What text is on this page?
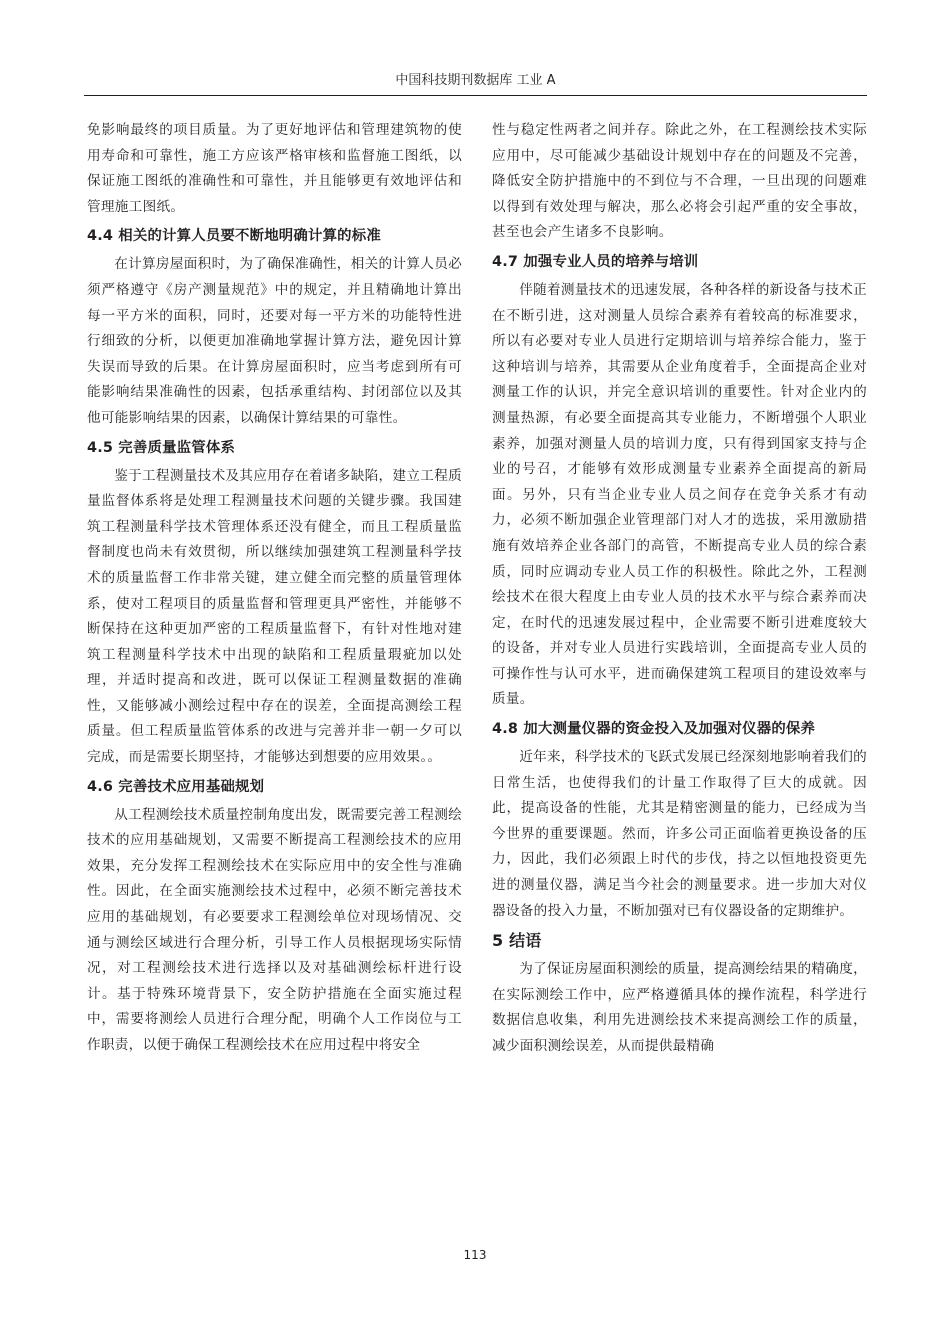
中国科技期刊数据库 工业 A

免影响最终的项目质量。为了更好地评估和管理建筑物的使用寿命和可靠性，施工方应该严格审核和监督施工图纸，以保证施工图纸的准确性和可靠性，并且能够更有效地评估和管理施工图纸。

4.4 相关的计算人员要不断地明确计算的标准

在计算房屋面积时，为了确保准确性，相关的计算人员必须严格遵守《房产测量规范》中的规定，并且精确地计算出每一平方米的面积，同时，还要对每一平方米的功能特性进行细致的分析，以便更加准确地掌握计算方法，避免因计算失误而导致的后果。在计算房屋面积时，应当考虑到所有可能影响结果准确性的因素，包括承重结构、封闭部位以及其他可能影响结果的因素，以确保计算结果的可靠性。

4.5 完善质量监管体系

鉴于工程测量技术及其应用存在着诸多缺陷，建立工程质量监督体系将是处理工程测量技术问题的关键步骤。我国建筑工程测量科学技术管理体系还没有健全，而且工程质量监督制度也尚未有效贯彻，所以继续加强建筑工程测量科学技术的质量监督工作非常关键，建立健全而完整的质量管理体系，使对工程项目的质量监督和管理更具严密性，并能够不断保持在这种更加严密的工程质量监督下，有针对性地对建筑工程测量科学技术中出现的缺陷和工程质量瑕疵加以处理，并适时提高和改进，既可以保证工程测量数据的准确性，又能够减小测绘过程中存在的误差，全面提高测绘工程质量。但工程质量监管体系的改进与完善并非一朝一夕可以完成，而是需要长期坚持，才能够达到想要的应用效果。。

4.6 完善技术应用基础规划

从工程测绘技术质量控制角度出发，既需要完善工程测绘技术的应用基础规划，又需要不断提高工程测绘技术的应用效果，充分发挥工程测绘技术在实际应用中的安全性与准确性。因此，在全面实施测绘技术过程中，必须不断完善技术应用的基础规划，有必要要求工程测绘单位对现场情况、交通与测绘区域进行合理分析，引导工作人员根据现场实际情况，对工程测绘技术进行选择以及对基础测绘标杆进行设计。基于特殊环境背景下，安全防护措施在全面实施过程中，需要将测绘人员进行合理分配，明确个人工作岗位与工作职责，以便于确保工程测绘技术在应用过程中将安全

性与稳定性两者之间并存。除此之外，在工程测绘技术实际应用中，尽可能减少基础设计规划中存在的问题及不完善，降低安全防护措施中的不到位与不合理，一旦出现的问题难以得到有效处理与解决，那么必将会引起严重的安全事故，甚至也会产生诸多不良影响。

4.7 加强专业人员的培养与培训

伴随着测量技术的迅速发展，各种各样的新设备与技术正在不断引进，这对测量人员综合素养有着较高的标准要求，所以有必要对专业人员进行定期培训与培养综合能力，鉴于这种培训与培养，其需要从企业角度着手，全面提高企业对测量工作的认识，并完全意识培训的重要性。针对企业内的测量热源，有必要全面提高其专业能力，不断增强个人职业素养，加强对测量人员的培训力度，只有得到国家支持与企业的号召，才能够有效形成测量专业素养全面提高的新局面。另外，只有当企业专业人员之间存在竞争关系才有动力，必须不断加强企业管理部门对人才的选拔，采用激励措施有效培养企业各部门的高管，不断提高专业人员的综合素质，同时应调动专业人员工作的积极性。除此之外，工程测绘技术在很大程度上由专业人员的技术水平与综合素养而决定，在时代的迅速发展过程中，企业需要不断引进难度较大的设备，并对专业人员进行实践培训，全面提高专业人员的可操作性与认可水平，进而确保建筑工程项目的建设效率与质量。

4.8 加大测量仪器的资金投入及加强对仪器的保养

近年来，科学技术的飞跃式发展已经深刻地影响着我们的日常生活，也使得我们的计量工作取得了巨大的成就。因此，提高设备的性能，尤其是精密测量的能力，已经成为当今世界的重要课题。然而，许多公司正面临着更换设备的压力，因此，我们必须跟上时代的步伐，持之以恒地投资更先进的测量仪器，满足当今社会的测量要求。进一步加大对仪器设备的投入力量，不断加强对已有仪器设备的定期维护。

5 结语

为了保证房屋面积测绘的质量，提高测绘结果的精确度，在实际测绘工作中，应严格遵循具体的操作流程，科学进行数据信息收集，利用先进测绘技术来提高测绘工作的质量，减少面积测绘误差，从而提供最精确

113
